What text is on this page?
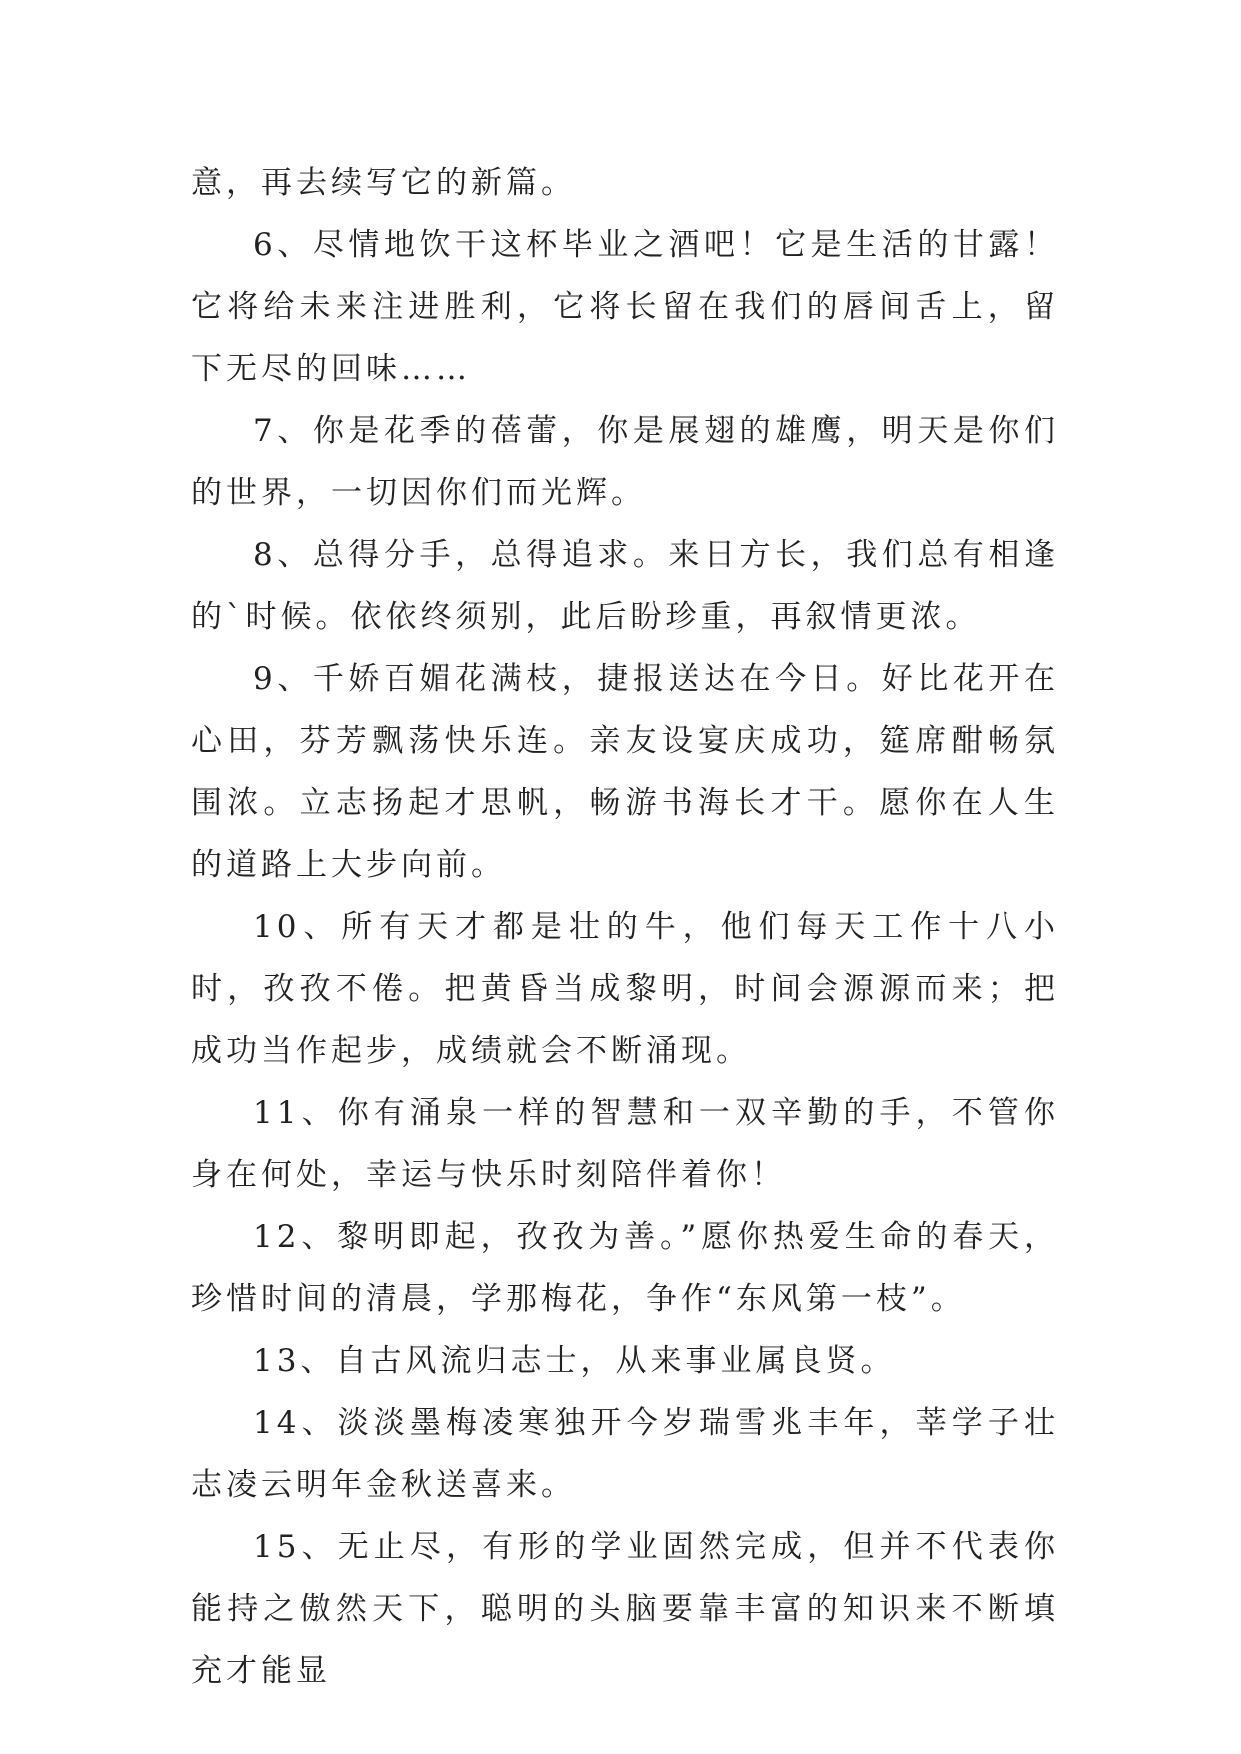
意，再去续写它的新篇。

6、尽情地饮干这杯毕业之酒吧！它是生活的甘露！它将给未来注进胜利，它将长留在我们的唇间舌上，留下无尽的回味……

7、你是花季的蓓蕾，你是展翅的雄鹰，明天是你们的世界，一切因你们而光辉。

8、总得分手，总得追求。来日方长，我们总有相逢的`时候。依依终须别，此后盼珍重，再叙情更浓。

9、千娇百媚花满枝，捷报送达在今日。好比花开在心田，芬芳飘荡快乐连。亲友设宴庆成功，筵席酣畅氛围浓。立志扬起才思帆，畅游书海长才干。愿你在人生的道路上大步向前。

10、所有天才都是壮的牛，他们每天工作十八小时，孜孜不倦。把黄昏当成黎明，时间会源源而来；把成功当作起步，成绩就会不断涌现。

11、你有涌泉一样的智慧和一双辛勤的手，不管你身在何处，幸运与快乐时刻陪伴着你！

12、黎明即起，孜孜为善。”愿你热爱生命的春天，珍惜时间的清晨，学那梅花，争作“东风第一枝”。

13、自古风流归志士，从来事业属良贤。

14、淡淡墨梅凌寒独开今岁瑞雪兆丰年，莘学子壮志凌云明年金秋送喜来。

15、无止尽，有形的学业固然完成，但并不代表你能持之傲然天下，聪明的头脑要靠丰富的知识来不断填充才能显
